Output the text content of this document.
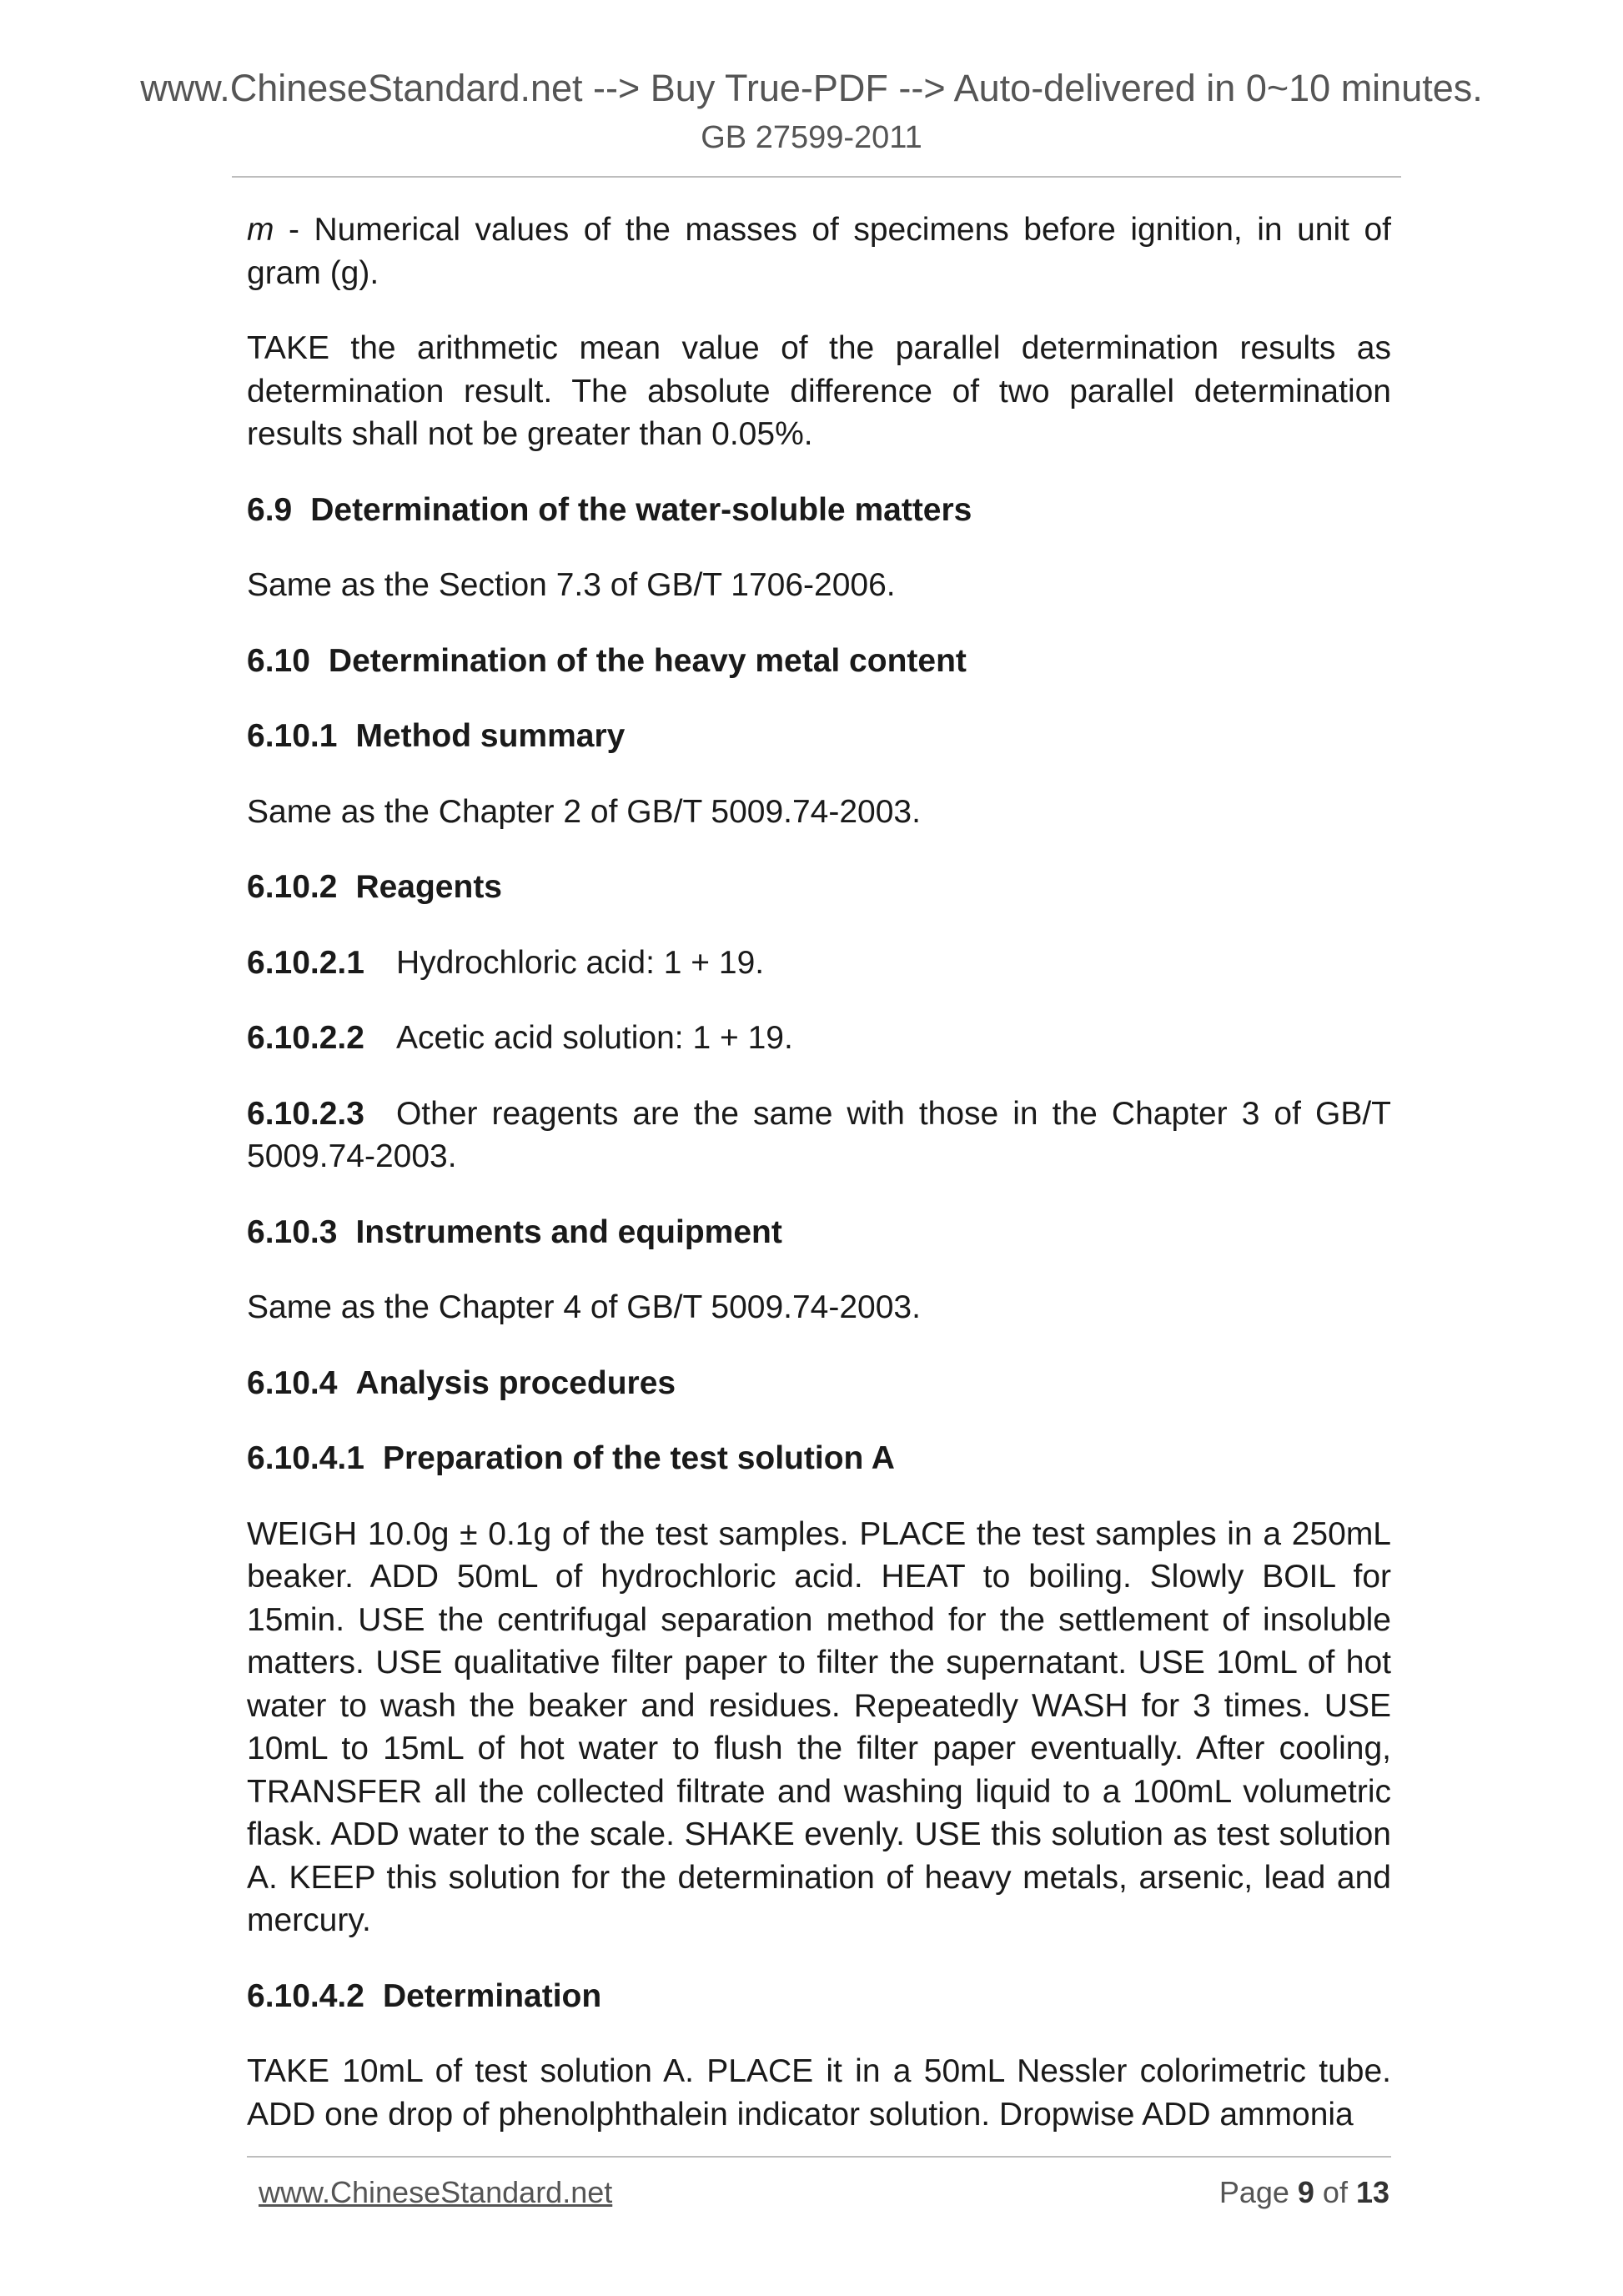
www.ChineseStandard.net --> Buy True-PDF --> Auto-delivered in 0~10 minutes.
GB 27599-2011

m - Numerical values of the masses of specimens before ignition, in unit of gram (g).

TAKE the arithmetic mean value of the parallel determination results as determination result. The absolute difference of two parallel determination results shall not be greater than 0.05%.

6.9 Determination of the water-soluble matters

Same as the Section 7.3 of GB/T 1706-2006.

6.10 Determination of the heavy metal content
6.10.1 Method summary

Same as the Chapter 2 of GB/T 5009.74-2003.

6.10.2 Reagents

6.10.2.1 Hydrochloric acid: 1 + 19.

6.10.2.2 Acetic acid solution: 1 + 19.

6.10.2.3 Other reagents are the same with those in the Chapter 3 of GB/T 5009.74-2003.

6.10.3 Instruments and equipment

Same as the Chapter 4 of GB/T 5009.74-2003.

6.10.4 Analysis procedures
6.10.4.1 Preparation of the test solution A

WEIGH 10.0g ± 0.1g of the test samples. PLACE the test samples in a 250mL beaker. ADD 50mL of hydrochloric acid. HEAT to boiling. Slowly BOIL for 15min. USE the centrifugal separation method for the settlement of insoluble matters. USE qualitative filter paper to filter the supernatant. USE 10mL of hot water to wash the beaker and residues. Repeatedly WASH for 3 times. USE 10mL to 15mL of hot water to flush the filter paper eventually. After cooling, TRANSFER all the collected filtrate and washing liquid to a 100mL volumetric flask. ADD water to the scale. SHAKE evenly. USE this solution as test solution A. KEEP this solution for the determination of heavy metals, arsenic, lead and mercury.

6.10.4.2 Determination

TAKE 10mL of test solution A. PLACE it in a 50mL Nessler colorimetric tube. ADD one drop of phenolphthalein indicator solution. Dropwise ADD ammonia

www.ChineseStandard.net	Page 9 of 13
